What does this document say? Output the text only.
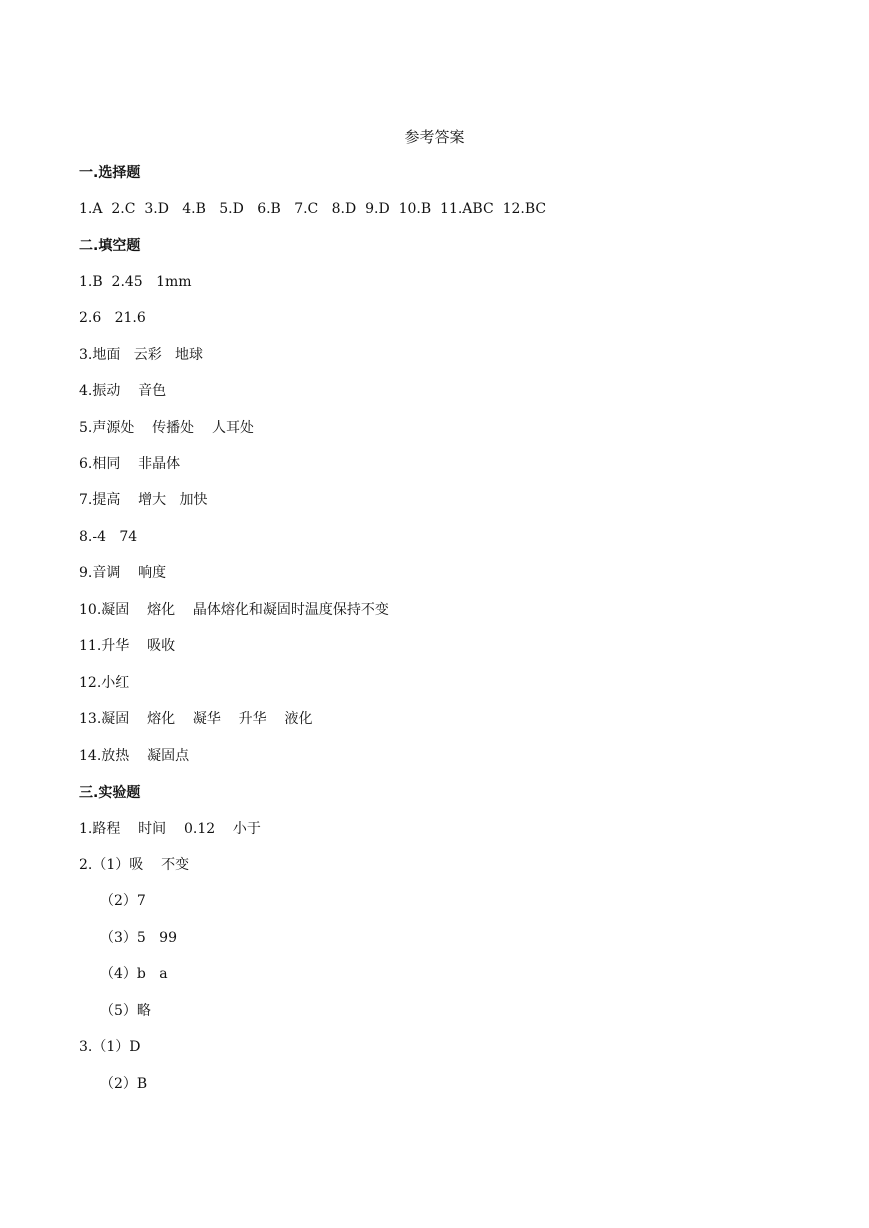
参考答案
一.选择题
1.A  2.C  3.D   4.B   5.D   6.B   7.C   8.D  9.D  10.B  11.ABC  12.BC
二.填空题
1.B  2.45   1mm
2.6   21.6
3.地面   云彩   地球
4.振动    音色
5.声源处    传播处    人耳处
6.相同    非晶体
7.提高    增大   加快
8.-4   74
9.音调    响度
10.凝固    熔化    晶体熔化和凝固时温度保持不变
11.升华    吸收
12.小红
13.凝固    熔化    凝华    升华    液化
14.放热    凝固点
三.实验题
1.路程    时间    0.12    小于
2.（1）吸    不变
（2）7
（3）5   99
（4）b   a
（5）略
3.（1）D
（2）B
